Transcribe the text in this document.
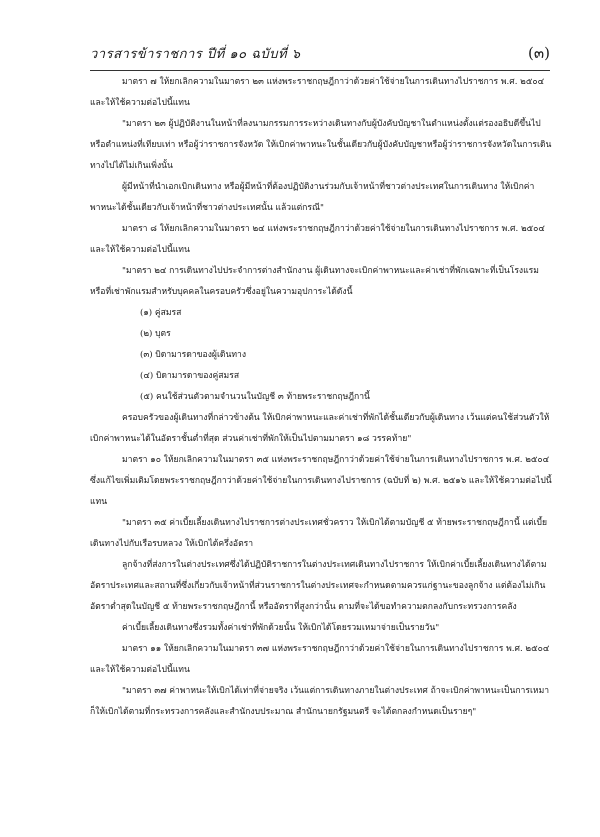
วารสารข้าราชการ ปีที่ ๑๐ ฉบับที่ ๖	(๓)

มาตรา ๗ ให้ยกเลิกความในมาตรา ๒๓ แห่งพระราชกฤษฎีกาว่าด้วยค่าใช้จ่ายในการเดินทางไปราชการ พ.ศ. ๒๕๐๔ และให้ใช้ความต่อไปนี้แทน

"มาตรา ๒๓ ผู้ปฏิบัติงานในหน้าที่ลงนามกรรมการระหว่างเดินทางกับผู้บังคับบัญชาในตำแหน่งตั้งแต่รองอธิบดีขึ้นไป หรือตำแหน่งที่เทียบเท่า หรือผู้ว่าราชการจังหวัด ให้เบิกค่าพาหนะในชั้นเดียวกับผู้บังคับบัญชาหรือผู้ว่าราชการจังหวัดในการเดินทางไปได้ไม่เกินเพิ่งนั้น

ผู้มีหน้าที่นำเอกเบิกเดินทาง หรือผู้มีหน้าที่ต้องปฏิบัติงานร่วมกับเจ้าหน้าที่ชาวต่างประเทศในการเดินทาง ให้เบิกค่าพาหนะได้ชั้นเดียวกับเจ้าหน้าที่ชาวต่างประเทศนั้น แล้วแต่กรณี"

มาตรา ๘ ให้ยกเลิกความในมาตรา ๒๔ แห่งพระราชกฤษฎีกาว่าด้วยค่าใช้จ่ายในการเดินทางไปราชการ พ.ศ. ๒๕๐๔ และให้ใช้ความต่อไปนี้แทน

"มาตรา ๒๔ การเดินทางไปประจำการต่างสำนักงาน ผู้เดินทางจะเบิกค่าพาหนะและค่าเช่าที่พักเฉพาะที่เป็นโรงแรม หรือที่เช่าพักแรมสำหรับบุคคลในครอบครัวซึ่งอยู่ในความอุปการะได้ดังนี้

(๑) คู่สมรส

(๒) บุตร

(๓) บิดามารดาของผู้เดินทาง

(๔) บิดามารดาของคู่สมรส

(๕) คนใช้ส่วนตัวตามจำนวนในบัญชี ๓ ท้ายพระราชกฤษฎีกานี้

ครอบครัวของผู้เดินทางที่กล่าวข้างต้น ให้เบิกค่าพาหนะและค่าเช่าที่พักได้ชั้นเดียวกับผู้เดินทาง เว้นแต่คนใช้ส่วนตัวให้เบิกค่าพาหนะได้ในอัตราชั้นต่ำที่สุด ส่วนค่าเช่าที่พักให้เป็นไปตามมาตรา ๑๘ วรรคท้าย"

มาตรา ๑๐ ให้ยกเลิกความในมาตรา ๓๕ แห่งพระราชกฤษฎีกาว่าด้วยค่าใช้จ่ายในการเดินทางไปราชการ พ.ศ. ๒๕๐๔ ซึ่งแก้ไขเพิ่มเติมโดยพระราชกฤษฎีกาว่าด้วยค่าใช้จ่ายในการเดินทางไปราชการ (ฉบับที่ ๒) พ.ศ. ๒๕๑๖ และให้ใช้ความต่อไปนี้แทน

"มาตรา ๓๕ ค่าเบี้ยเลี้ยงเดินทางไปราชการต่างประเทศชั่วคราว ให้เบิกได้ตามบัญชี ๕ ท้ายพระราชกฤษฎีกานี้ แต่เบี้ยเดินทางไปกับเรือรบหลวง ให้เบิกได้ครึ่งอัตรา

ลูกจ้างที่ส่งการในต่างประเทศซึ่งได้ปฏิบัติราชการในต่างประเทศเดินทางไปราชการ ให้เบิกค่าเบี้ยเลี้ยงเดินทางได้ตามอัตราประเทศและสถานที่ซึ่งเกี่ยวกับเจ้าหน้าที่ส่วนราชการในต่างประเทศจะกำหนดตามควรแก่ฐานะของลูกจ้าง แต่ต้องไม่เกินอัตราต่ำสุดในบัญชี ๕ ท้ายพระราชกฤษฎีกานี้ หรืออัตราที่สูงกว่านั้น ตามที่จะได้ขอทำความตกลงกับกระทรวงการคลัง

ค่าเบี้ยเลี้ยงเดินทางซึ่งรวมทั้งค่าเช่าที่พักด้วยนั้น ให้เบิกได้โดยรวมเหมาจ่ายเป็นรายวัน"

มาตรา ๑๑ ให้ยกเลิกความในมาตรา ๓๗ แห่งพระราชกฤษฎีกาว่าด้วยค่าใช้จ่ายในการเดินทางไปราชการ พ.ศ. ๒๕๐๔ และให้ใช้ความต่อไปนี้แทน

"มาตรา ๓๗ ค่าพาหนะให้เบิกได้เท่าที่จ่ายจริง เว้นแต่การเดินทางภายในต่างประเทศ ถ้าจะเบิกค่าพาหนะเป็นการเหมา ก็ให้เบิกได้ตามที่กระทรวงการคลังและสำนักงบประมาณ สำนักนายกรัฐมนตรี จะได้ตกลงกำหนดเป็นรายๆ"
